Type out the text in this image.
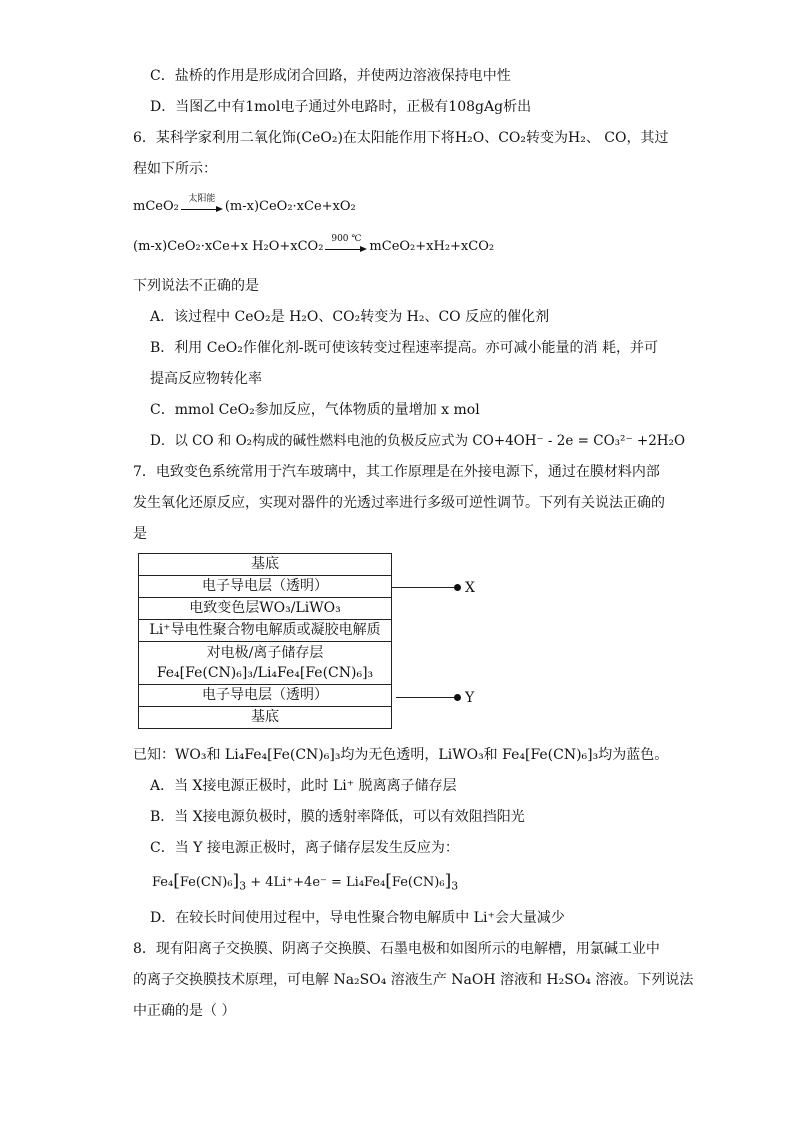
C．盐桥的作用是形成闭合回路，并使两边溶液保持电中性
D．当图乙中有1mol电子通过外电路时，正极有108gAg析出
6．某科学家利用二氧化饰(CeO₂)在太阳能作用下将H₂O、CO₂转变为H₂、 CO，其过
程如下所示：
mCeO₂	太阳能 (m-x)CeO₂·xCe+xO₂
(m-x)CeO₂·xCe+x H₂O+xCO₂ 900 ℃ mCeO₂+xH₂+xCO₂
下列说法不正确的是
A．该过程中 CeO₂是 H₂O、CO₂转变为 H₂、CO 反应的催化剂
B．利用 CeO₂作催化剂-既可使该转变过程速率提高。亦可减小能量的消 耗，并可
提高反应物转化率
C．mmol CeO₂参加反应，气体物质的量增加 x mol
D．以 CO 和 O₂构成的碱性燃料电池的负极反应式为 CO+4OH⁻ - 2e = CO₃²⁻ +2H₂O
7．电致变色系统常用于汽车玻璃中，其工作原理是在外接电源下，通过在膜材料内部
发生氧化还原反应，实现对器件的光透过率进行多级可逆性调节。下列有关说法正确的
是
基底
电子导电层（透明）
电致变色层WO₃/LiWO₃
Li⁺导电性聚合物电解质或凝胶电解质
对电极/离子储存层
Fe₄[Fe(CN)₆]₃/Li₄Fe₄[Fe(CN)₆]₃
电子导电层（透明）
基底
X
Y
已知：WO₃和 Li₄Fe₄[Fe(CN)₆]₃均为无色透明，LiWO₃和 Fe₄[Fe(CN)₆]₃均为蓝色。
A．当 X接电源正极时，此时 Li⁺ 脱离离子储存层
B．当 X接电源负极时，膜的透射率降低，可以有效阻挡阳光
C．当 Y 接电源正极时，离子储存层发生反应为：
$Fe_4[Fe(CN)_6]_3 + 4Li^++4e^- = Li_4Fe_4[Fe(CN)_6]_3$
D．在较长时间使用过程中，导电性聚合物电解质中 Li⁺会大量减少
8．现有阳离子交换膜、阴离子交换膜、石墨电极和如图所示的电解槽，用氯碱工业中
的离子交换膜技术原理，可电解 Na₂SO₄ 溶液生产 NaOH 溶液和 H₂SO₄ 溶液。下列说法
中正确的是（ ）
